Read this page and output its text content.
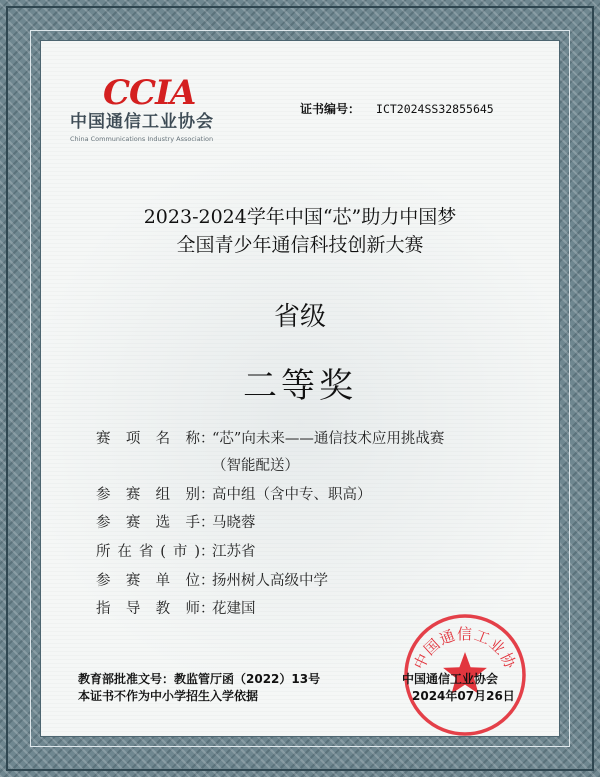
CCIA
中国通信工业协会
China Communications Industry Association
证书编号： ICT2024SS32855645
2023-2024学年中国“芯”助力中国梦
全国青少年通信科技创新大赛
省级
二等奖
赛 项 名 称：“芯”向未来——通信技术应用挑战赛
（智能配送）
参 赛 组 别：高中组（含中专、职高）
参 赛 选 手：马晓蓉
所在省(市)：江苏省
参 赛 单 位：扬州树人高级中学
指 导 教 师：花建国
教育部批准文号：教监管厅函（2022）13号
本证书不作为中小学招生入学依据
中国通信工业协
中国通信工业协会
2024年07月26日
